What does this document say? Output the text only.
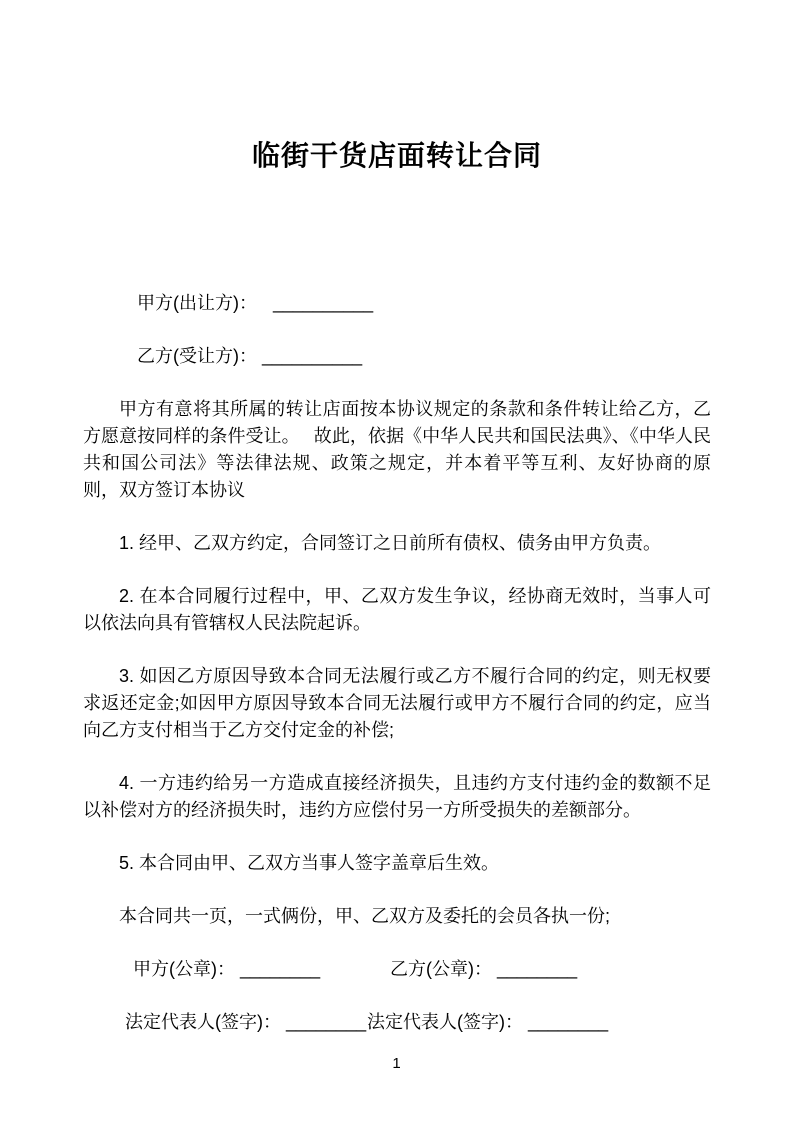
临街干货店面转让合同

甲方(出让方)： __________

乙方(受让方)： __________

甲方有意将其所属的转让店面按本协议规定的条款和条件转让给乙方，乙方愿意按同样的条件受让。　 故此，依据《中华人民共和国民法典》、《中华人民共和国公司法》等法律法规、政策之规定，并本着平等互利、友好协商的原则，双方签订本协议

1. 经甲、乙双方约定，合同签订之日前所有债权、债务由甲方负责。

2. 在本合同履行过程中，甲、乙双方发生争议，经协商无效时，当事人可以依法向具有管辖权人民法院起诉。

3. 如因乙方原因导致本合同无法履行或乙方不履行合同的约定，则无权要求返还定金;如因甲方原因导致本合同无法履行或甲方不履行合同的约定，应当向乙方支付相当于乙方交付定金的补偿;

4. 一方违约给另一方造成直接经济损失，且违约方支付违约金的数额不足以补偿对方的经济损失时，违约方应偿付另一方所受损失的差额部分。

5. 本合同由甲、乙双方当事人签字盖章后生效。

本合同共一页，一式俩份，甲、乙双方及委托的会员各执一份;

甲方(公章)： ________	乙方(公章)： ________
法定代表人(签字)： ________ 法定代表人(签字)： ________
1
